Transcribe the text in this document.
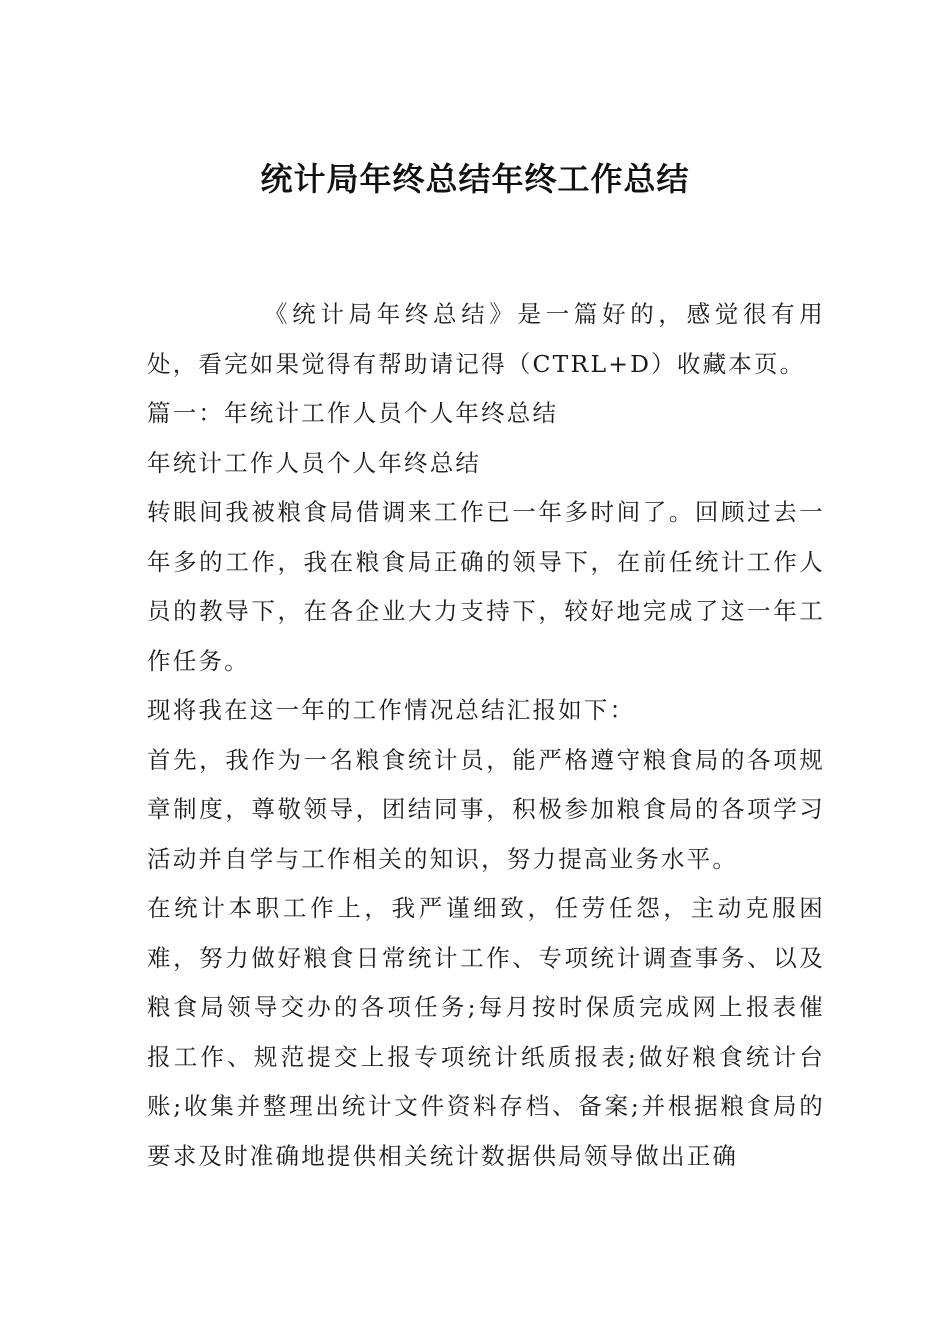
统计局年终总结年终工作总结

《统计局年终总结》是一篇好的，感觉很有用处，看完如果觉得有帮助请记得（CTRL+D）收藏本页。

篇一：年统计工作人员个人年终总结

年统计工作人员个人年终总结

转眼间我被粮食局借调来工作已一年多时间了。回顾过去一年多的工作，我在粮食局正确的领导下，在前任统计工作人员的教导下，在各企业大力支持下，较好地完成了这一年工作任务。

现将我在这一年的工作情况总结汇报如下：

首先，我作为一名粮食统计员，能严格遵守粮食局的各项规章制度，尊敬领导，团结同事，积极参加粮食局的各项学习活动并自学与工作相关的知识，努力提高业务水平。

在统计本职工作上，我严谨细致，任劳任怨，主动克服困难，努力做好粮食日常统计工作、专项统计调查事务、以及粮食局领导交办的各项任务;每月按时保质完成网上报表催报工作、规范提交上报专项统计纸质报表;做好粮食统计台账;收集并整理出统计文件资料存档、备案;并根据粮食局的要求及时准确地提供相关统计数据供局领导做出正确
